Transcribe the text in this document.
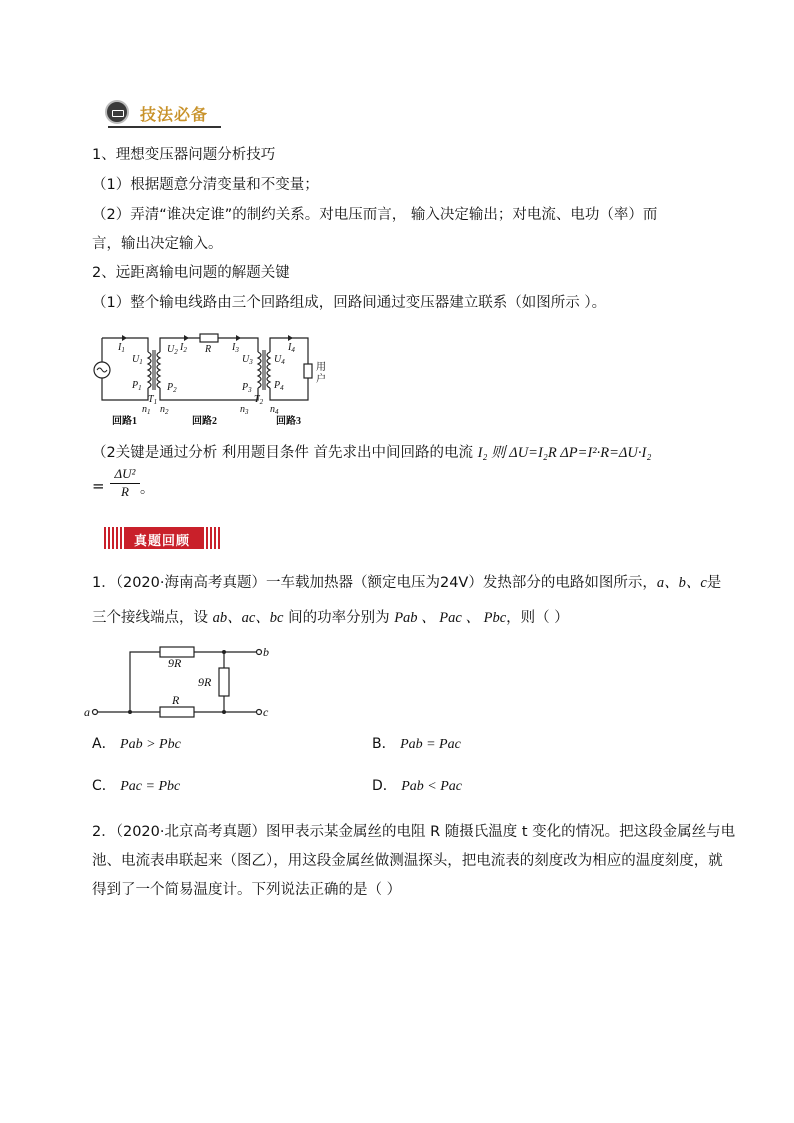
技法必备
1、理想变压器问题分析技巧
（1）根据题意分清变量和不变量；
（2）弄清“谁决定谁”的制约关系。对电压而言， 输入决定输出；对电流、电功（率）而
言，输出决定输入。
2、远距离输电问题的解题关键
（1）整个输电线路由三个回路组成，回路间通过变压器建立联系（如图所示 ）。
$I_1$
$U_1$
$P_1$
$T_1$
$n_1$
$U_2$
$P_2$
$n_2$
$I_2$ R $I_3$
$U_3$
$P_3$
$n_3$
$T_2$
$U_4$
$P_4$
$n_4$
$I_4$
用
户
回路1	回路2	回路3
（2关键是通过分析 利用题目条件 首先求出中间回路的电流 I₂ 则 ΔU=I₂R ΔP=I²·R=ΔU·I₂
= $\frac{\text{ΔU²}}{R}$ 。
真题回顾
1．（2020·海南高考真题）一车载加热器（额定电压为24V）发热部分的电路如图所示，a、b、c是
三个接线端点，设 ab、ac、bc 间的功率分别为 Pab 、 Pac 、 Pbc，则（ ）
9R
9R
R
a
b
c
A． Pab > Pbc	B． Pab = Pac
C． Pac = Pbc	D． Pab < Pac
2．（2020·北京高考真题）图甲表示某金属丝的电阻 R 随摄氏温度 t 变化的情况。把这段金属丝与电
池、电流表串联起来（图乙），用这段金属丝做测温探头，把电流表的刻度改为相应的温度刻度，就
得到了一个简易温度计。下列说法正确的是（ ）
